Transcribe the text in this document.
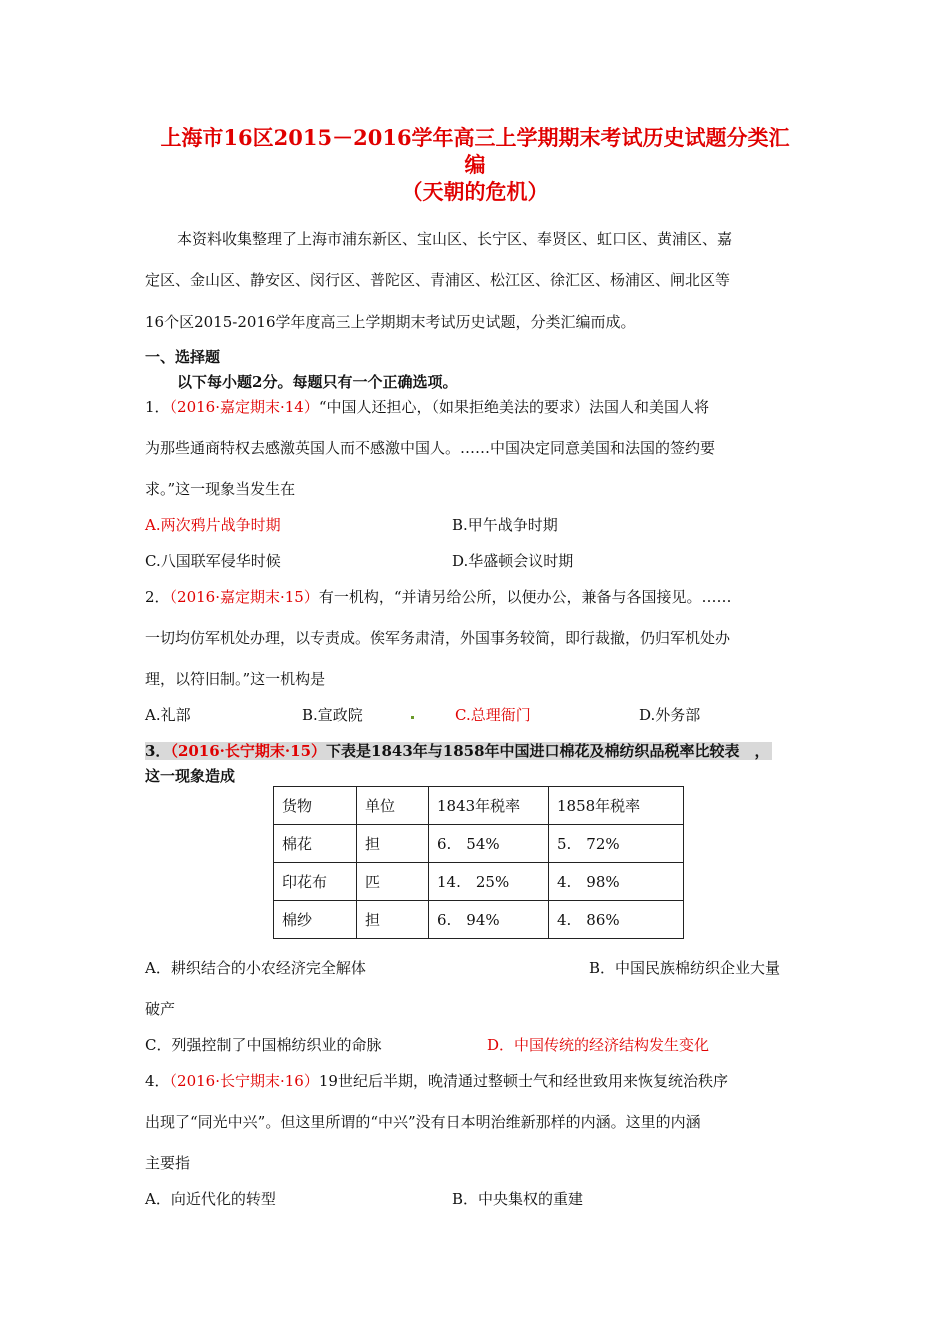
上海市16区2015－2016学年高三上学期期末考试历史试题分类汇
编
（天朝的危机）
本资料收集整理了上海市浦东新区、宝山区、长宁区、奉贤区、虹口区、黄浦区、嘉
定区、金山区、静安区、闵行区、普陀区、青浦区、松江区、徐汇区、杨浦区、闸北区等
16个区2015-2016学年度高三上学期期末考试历史试题，分类汇编而成。
一、选择题
以下每小题2分。每题只有一个正确选项。
1．（2016·嘉定期末·14）“中国人还担心，（如果拒绝美法的要求）法国人和美国人将
为那些通商特权去感激英国人而不感激中国人。……中国决定同意美国和法国的签约要
求。”这一现象当发生在
A.两次鸦片战争时期	B.甲午战争时期
C.八国联军侵华时候	D.华盛顿会议时期
2．（2016·嘉定期末·15）有一机构，“并请另给公所，以便办公，兼备与各国接见。……
一切均仿军机处办理，以专责成。俟军务肃清，外国事务较简，即行裁撤，仍归军机处办
理，以符旧制。”这一机构是
A.礼部	B.宣政院	C.总理衙门	D.外务部
3．（2016·长宁期末·15）下表是1843年与1858年中国进口棉花及棉纺织品税率比较表　，
这一现象造成
货物	单位	1843年税率	1858年税率
棉花	担	6.　54%	5.　72%
印花布	匹	14.　25%	4.　98%
棉纱	担	6.　94%	4.　86%
A．耕织结合的小农经济完全解体	B．中国民族棉纺织企业大量
破产
C．列强控制了中国棉纺织业的命脉	D．中国传统的经济结构发生变化
4．（2016·长宁期末·16）19世纪后半期，晚清通过整顿士气和经世致用来恢复统治秩序
出现了“同光中兴”。但这里所谓的“中兴”没有日本明治维新那样的内涵。这里的内涵
主要指
A．向近代化的转型	B．中央集权的重建
